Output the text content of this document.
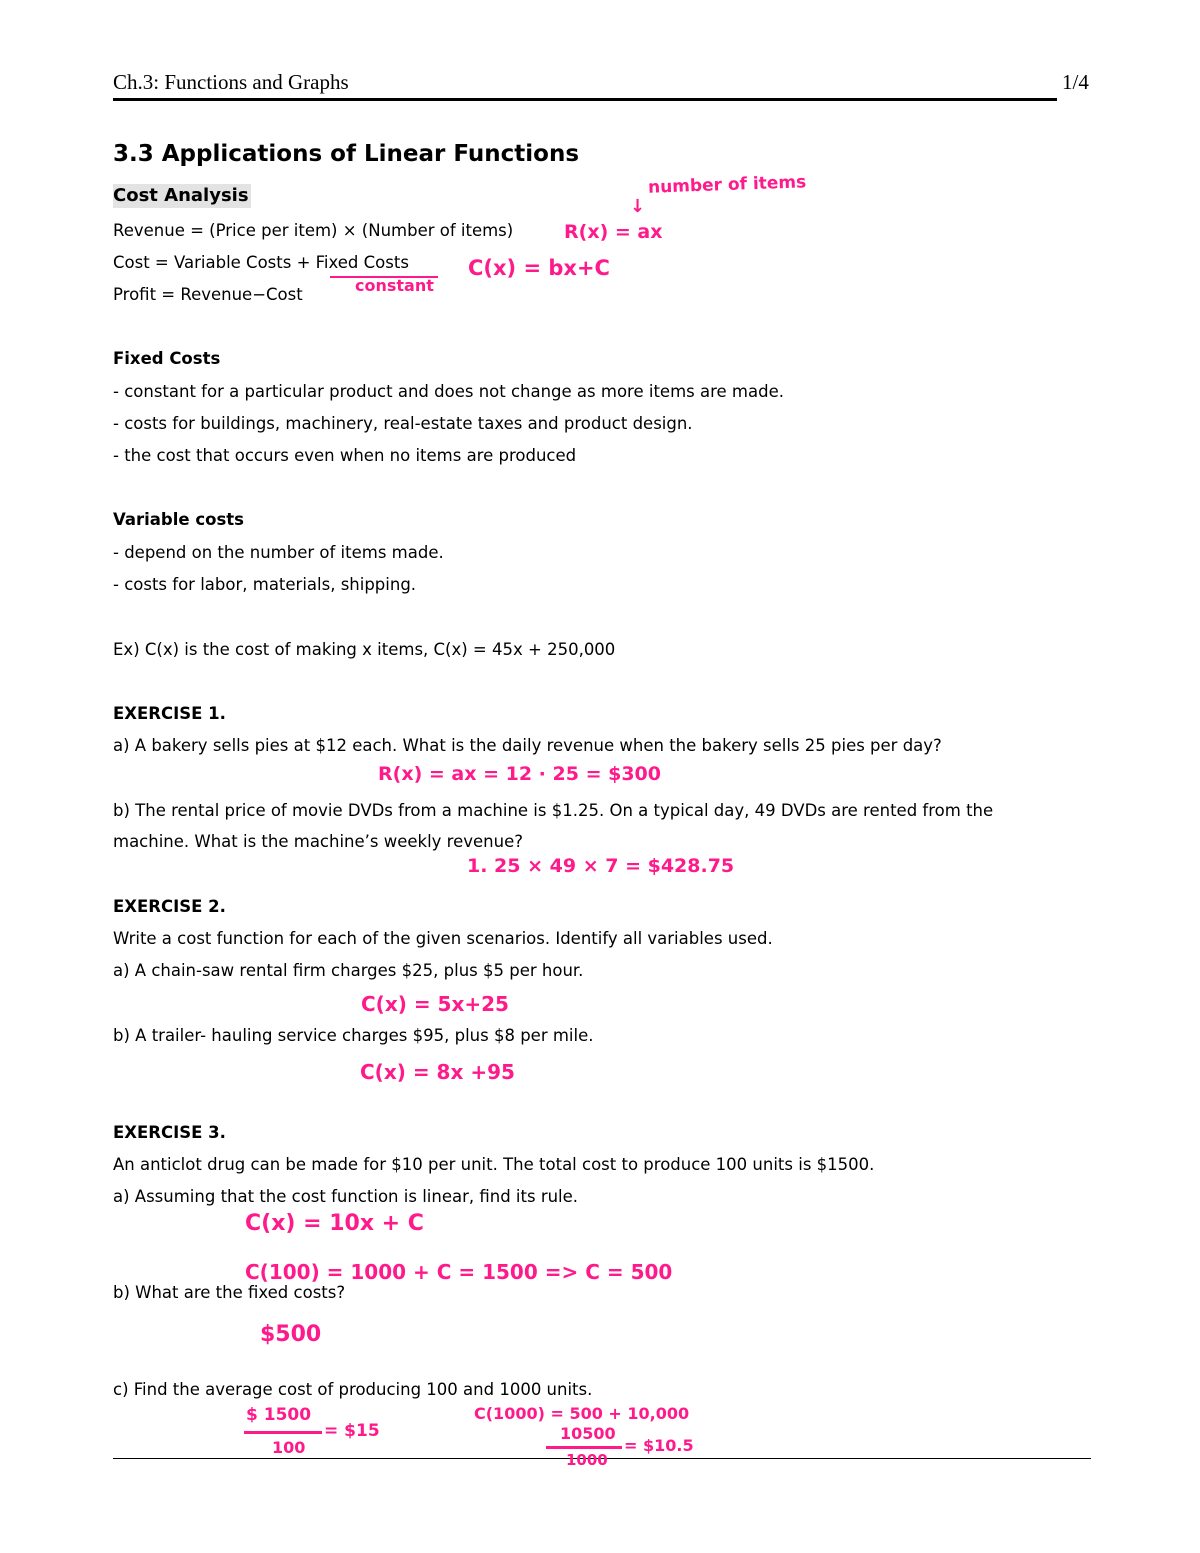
Ch.3: Functions and Graphs	1/4
3.3 Applications of Linear Functions
Cost Analysis
Revenue = (Price per item) × (Number of items)
Cost = Variable Costs + Fixed Costs
Profit = Revenue−Cost
Fixed Costs
- constant for a particular product and does not change as more items are made.
- costs for buildings, machinery, real-estate taxes and product design.
- the cost that occurs even when no items are produced
Variable costs
- depend on the number of items made.
- costs for labor, materials, shipping.
Ex) C(x) is the cost of making x items, C(x) = 45x + 250,000
EXERCISE 1.
a) A bakery sells pies at $12 each. What is the daily revenue when the bakery sells 25 pies per day?
b) The rental price of movie DVDs from a machine is $1.25. On a typical day, 49 DVDs are rented from the
machine. What is the machine’s weekly revenue?
EXERCISE 2.
Write a cost function for each of the given scenarios. Identify all variables used.
a) A chain-saw rental firm charges $25, plus $5 per hour.
b) A trailer- hauling service charges $95, plus $8 per mile.
EXERCISE 3.
An anticlot drug can be made for $10 per unit. The total cost to produce 100 units is $1500.
a) Assuming that the cost function is linear, find its rule.
b) What are the fixed costs?
c) Find the average cost of producing 100 and 1000 units.
number of items
↓
R(x) = ax
C(x) = bx+C
constant
R(x) = ax = 12 · 25 = $300
1. 25 × 49 × 7 = $428.75
C(x) = 5x+25
C(x) = 8x +95
C(x) = 10x + C
C(100) = 1000 + C = 1500 => C = 500
$500
$ 1500
100
= $15
C(1000) = 500 + 10,000
10500
1000
= $10.5
